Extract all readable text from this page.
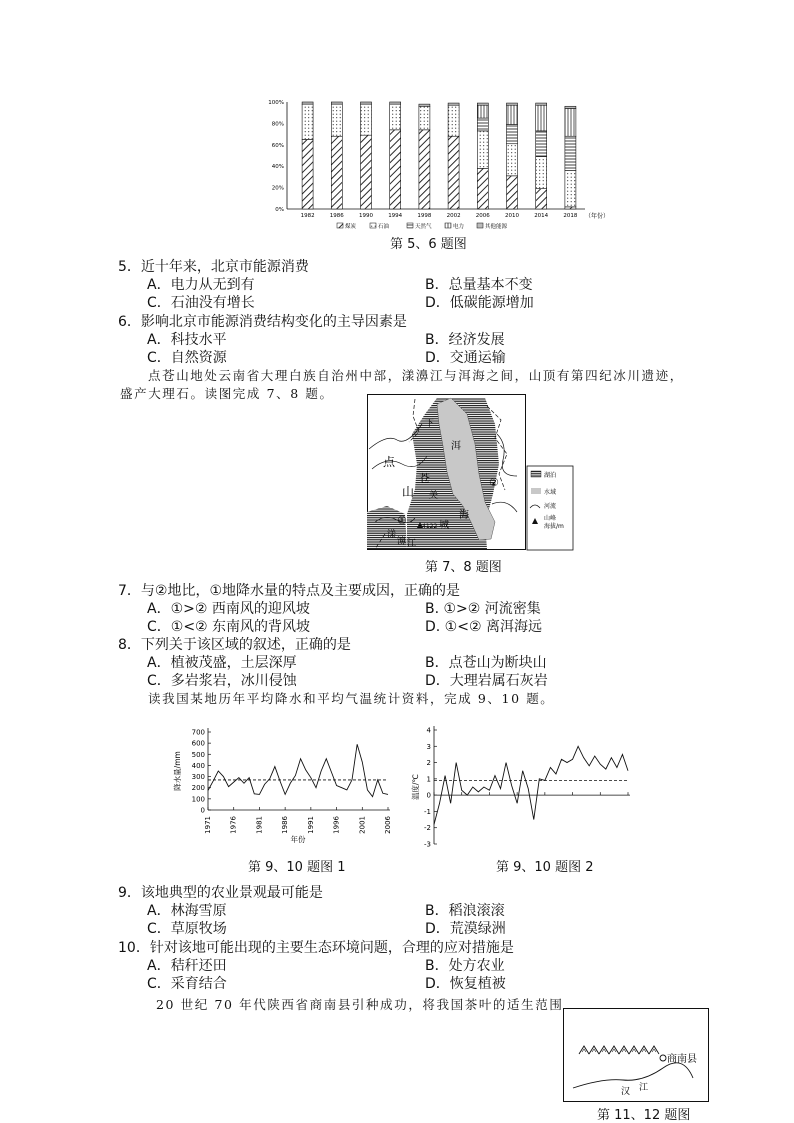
1982	1986	1990	1994	1998	2002	2006	2010	2014	2018
0%
20%
40%
60%
80%
100%
（年份）
煤炭	石油	天然气	电力	其他能源
第 5、6 题图
5．近十年来，北京市能源消费
A．电力从无到有	B．总量基本不变
C．石油没有增长	D．低碳能源增加
6．影响北京市能源消费结构变化的主导因素是
A．科技水平	B．经济发展
C．自然资源	D．交通运输
点苍山地处云南省大理白族自治州中部，漾濞江与洱海之间，山顶有第四纪冰川遗迹，
盛产大理石。读图完成 7、8 题。
点
苍
山
洱
海
漾
濞 江
下
关
城
①
②
4122
湖泊
水域
河流
山峰
海拔/m
第 7、8 题图
7．与②地比，①地降水量的特点及主要成因，正确的是
A．①>② 西南风的迎风坡	B. ①>② 河流密集
C．①<② 东南风的背风坡	D. ①<② 离洱海远
8．下列关于该区域的叙述，正确的是
A．植被茂盛，土层深厚	B．点苍山为断块山
C．多岩浆岩，冰川侵蚀	D．大理岩属石灰岩
读我国某地历年平均降水和平均气温统计资料，完成 9、10 题。
0
100
200
300
400
500
600
700
1971	1976	1981	1986	1991	1996	2001	2006
降水量/mm
年份
第 9、10 题图 1
-3
-2
-1
0
1
2
3
4
温度/℃
第 9、10 题图 2
9．该地典型的农业景观最可能是
A．林海雪原	B．稻浪滚滚
C．草原牧场	D．荒漠绿洲
10．针对该地可能出现的主要生态环境问题，合理的应对措施是
A．秸秆还田	B．处方农业
C．采育结合	D．恢复植被
20 世纪 70 年代陕西省商南县引种成功，将我国茶叶的适生范围
商南县
汉 江
第 11、12 题图
